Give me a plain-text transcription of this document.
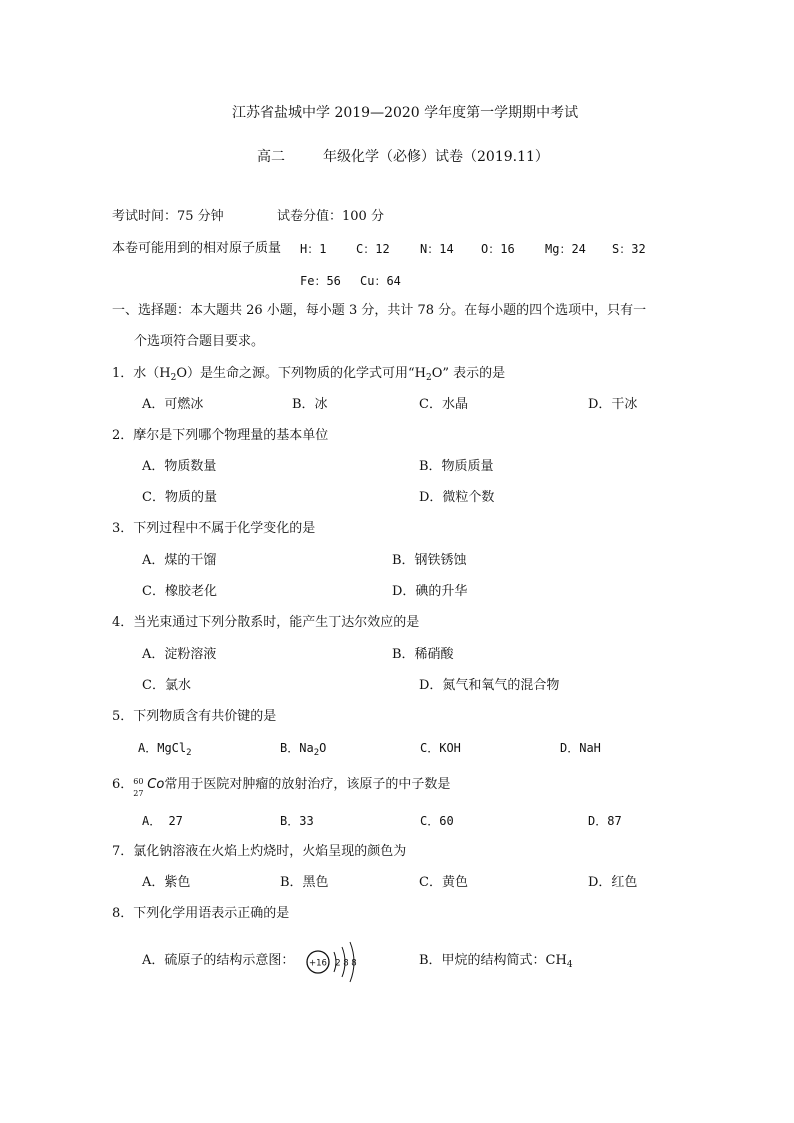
江苏省盐城中学 2019—2020 学年度第一学期期中考试
高二	年级化学（必修）试卷（2019.11）
考试时间：75 分钟	试卷分值：100 分
本卷可能用到的相对原子质量 H：1 C：12	N：14 O：16	Mg：24 S：32
Fe：56 Cu：64
一、选择题：本大题共 26 小题，每小题 3 分，共计 78 分。在每小题的四个选项中，只有一
个选项符合题目要求。
1．水$(H_2O)$是生命之源。下列物质的化学式可用“$H_2O$” 表示的是
A．可燃冰	B．冰	C．水晶	D．干冰
2．摩尔是下列哪个物理量的基本单位
A．物质数量	B．物质质量
C．物质的量	D．微粒个数
3．下列过程中不属于化学变化的是
A．煤的干馏	B．钢铁锈蚀
C．橡胶老化	D．碘的升华
4．当光束通过下列分散系时，能产生丁达尔效应的是
A．淀粉溶液	B．稀硝酸
C．氯水	D．氮气和氧气的混合物
5．下列物质含有共价键的是
A．MgCl$_2$	B．$Na_2O$	C．KOH	D．NaH
6． 60
27
Co常用于医院对肿瘤的放射治疗，该原子的中子数是
A． 27	B．33	C．60	D．87
7．氯化钠溶液在火焰上灼烧时，火焰呈现的颜色为
A．紫色	B．黑色	C．黄色	D．红色
8．下列化学用语表示正确的是
A．硫原子的结构示意图： +16 2 8 8	B．甲烷的结构简式：$CH_4$
